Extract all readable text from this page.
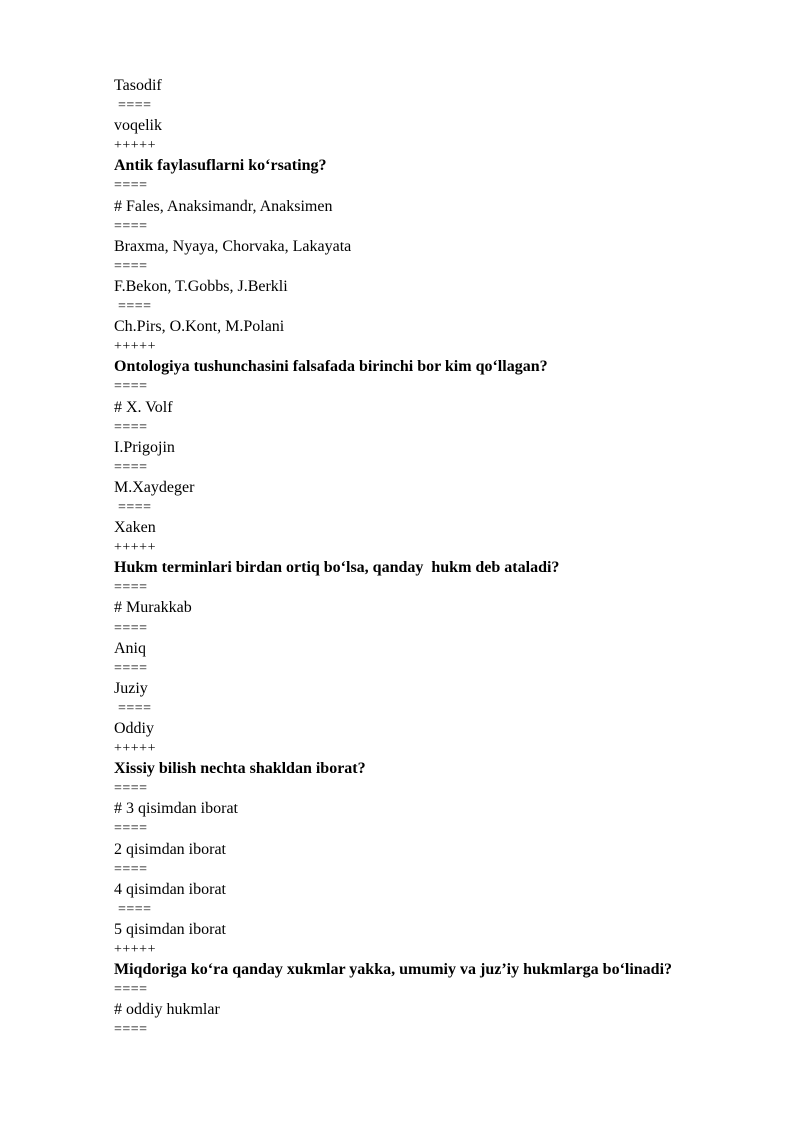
Tasodif
====
voqelik
+++++
Antik faylasuflarni ko‘rsating?
====
# Fales, Anaksimandr, Anaksimen
====
Braxma, Nyaya, Chorvaka, Lakayata
====
F.Bekon, T.Gobbs, J.Berkli
====
Ch.Pirs, O.Kont, M.Polani
+++++
Ontologiya tushunchasini falsafada birinchi bor kim qo‘llagan?
====
# X. Volf
====
I.Prigojin
====
M.Xaydeger
====
Xaken
+++++
Hukm terminlari birdan ortiq bo‘lsa, qanday  hukm deb ataladi?
====
# Murakkab
====
Aniq
====
Juziy
====
Oddiy
+++++
Xissiy bilish nechta shakldan iborat?
====
# 3 qisimdan iborat
====
2 qisimdan iborat
====
4 qisimdan iborat
====
5 qisimdan iborat
+++++
Miqdoriga ko‘ra qanday xukmlar yakka, umumiy va juz’iy hukmlarga bo‘linadi?
====
# oddiy hukmlar
====
